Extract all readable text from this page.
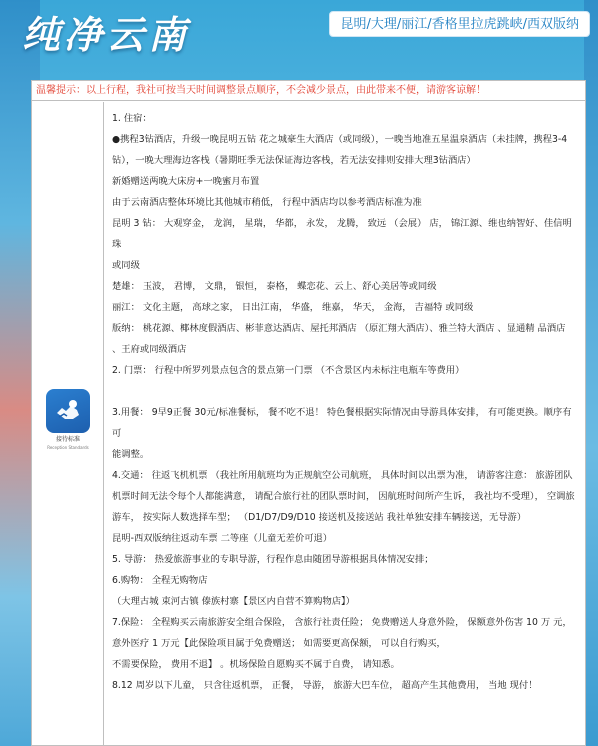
纯净云南	昆明/大理/丽江/香格里拉虎跳峡/西双版纳
温馨提示：以上行程，我社可按当天时间调整景点顺序，不会减少景点，由此带来不便，请游客谅解！
接待标准
Reception Standards

1. 住宿：

●携程3钻酒店，升级一晚昆明五钻 花之城豪生大酒店（或同级），一晚当地准五星温泉酒店（未挂牌，携程3-4

钻），一晚大理海边客栈（暑期旺季无法保证海边客栈，若无法安排则安排大理3钻酒店）

新婚赠送两晚大床房+一晚蜜月布置

由于云南酒店整体环境比其他城市稍低， 行程中酒店均以参考酒店标准为准

昆明 3 钻： 大观穿金， 龙润， 星瑞， 华都， 永发， 龙腾， 致远 （会展） 店， 锦江源、维也纳智好、佳信明 珠

或同级

楚雄： 玉波， 君博， 文鼎， 银恒， 泰格， 蝶恋花、云上、舒心美居等或同级

丽江： 文化主题， 高球之家， 日出江南， 华盛， 维嘉， 华天， 金海， 吉福特 或同级

版纳： 桃花源、椰林度假酒店、彬菲意达酒店、屋托邦酒店 （原汇翔大酒店）、雅兰特大酒店 、显通精 品酒店

、王府或同级酒店

2. 门票： 行程中所罗列景点包含的景点第一门票 （不含景区内未标注电瓶车等费用）

3.用餐： 9早9正餐 30元/标准餐标， 餐不吃不退！ 特色餐根据实际情况由导游具体安排， 有可能更换。顺序有可

能调整。

4.交通： 往返飞机机票 （我社所用航班均为正规航空公司航班， 具体时间以出票为准， 请游客注意： 旅游团队

机票时间无法令每个人都能满意， 请配合旅行社的团队票时间， 因航班时间所产生诉， 我社均不受理）， 空调旅

游车， 按实际人数选择车型； （D1/D7/D9/D10 接送机及接送站 我社单独安排车辆接送，无导游）

昆明-西双版纳往返动车票 二等座（儿童无差价可退）

5. 导游： 热爱旅游事业的专职导游，行程作息由随团导游根据具体情况安排；

6.购物： 全程无购物店

（大理古城 束河古镇 傣族村寨【景区内自营不算购物店】）

7.保险： 全程购买云南旅游安全组合保险， 含旅行社责任险； 免费赠送人身意外险， 保额意外伤害 10 万 元，

意外医疗 1 万元【此保险项目属于免费赠送； 如需要更高保额， 可以自行购买，

不需要保险， 费用不退】 。机场保险自愿购买不属于自费， 请知悉。

8.12 周岁以下儿童， 只含往返机票， 正餐， 导游， 旅游大巴车位， 超高产生其他费用， 当地 现付！
